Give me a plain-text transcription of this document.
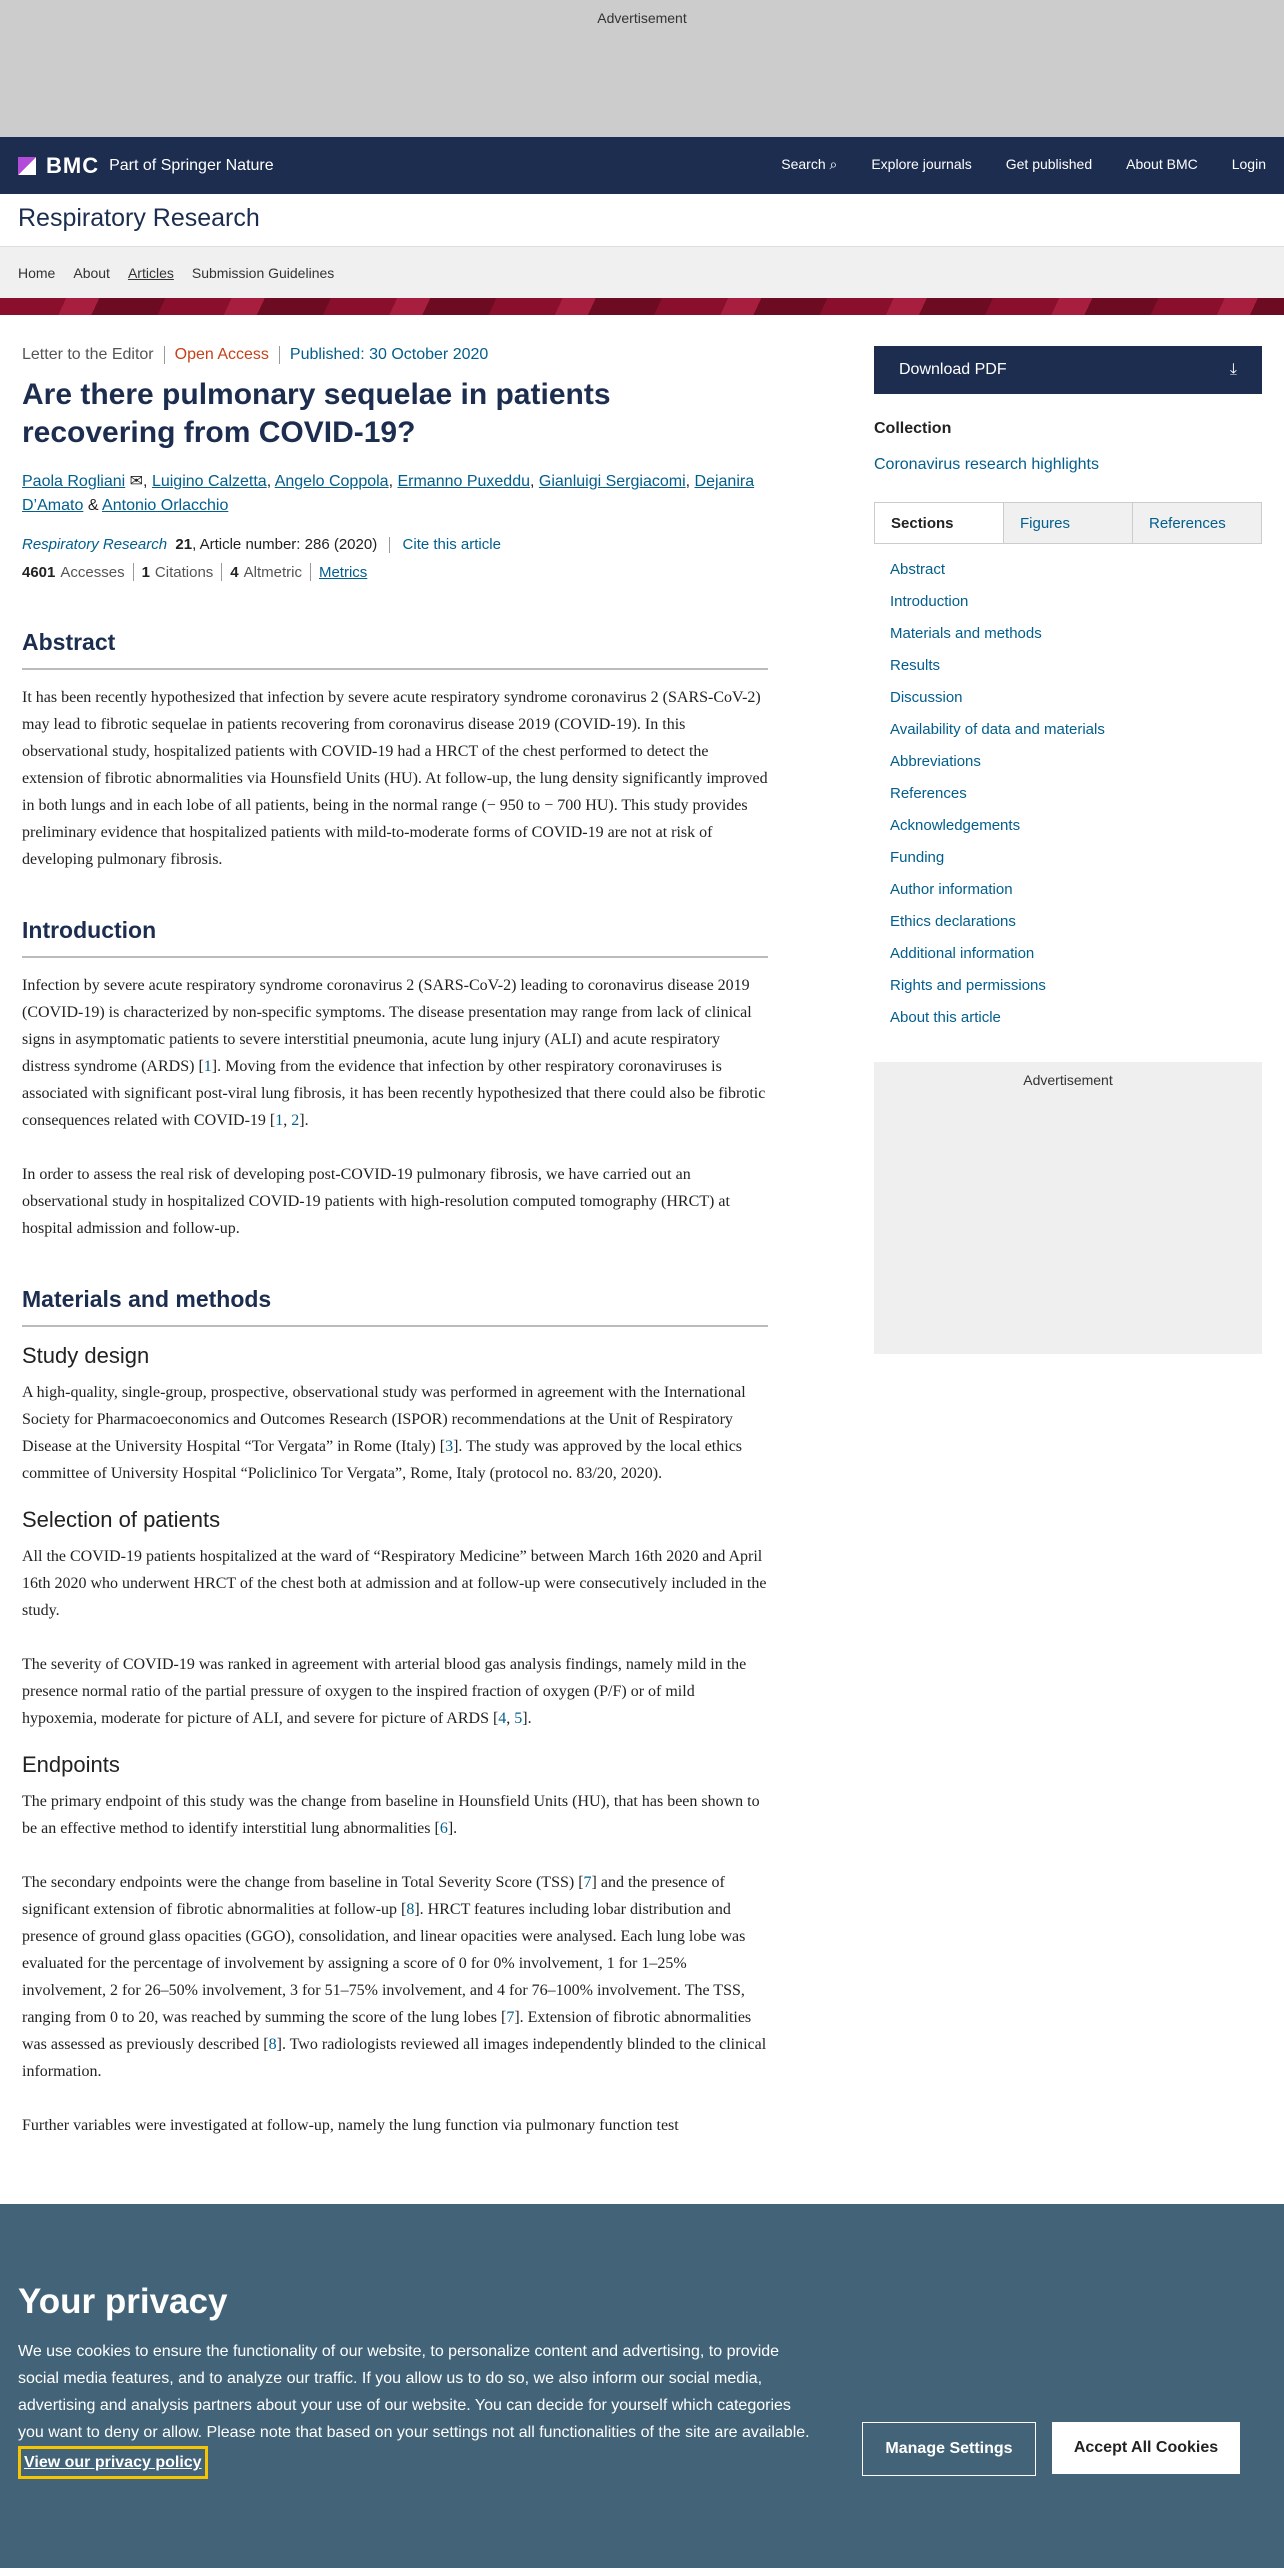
Advertisement
BMC Part of Springer Nature	Search ⌕ Explore journals Get published About BMC Login
Respiratory Research
Home About Articles Submission Guidelines
Letter to the Editor Open Access Published: 30 October 2020
Are there pulmonary sequelae in patients recovering from COVID-19?
Paola Rogliani ✉, Luigino Calzetta, Angelo Coppola, Ermanno Puxeddu, Gianluigi Sergiacomi, Dejanira
D’Amato & Antonio Orlacchio
Respiratory Research 21, Article number: 286 (2020) Cite this article
4601 Accesses 1 Citations 4 Altmetric Metrics
Abstract

It has been recently hypothesized that infection by severe acute respiratory syndrome coronavirus 2 (SARS-CoV-2) may lead to fibrotic sequelae in patients recovering from coronavirus disease 2019 (COVID-19). In this observational study, hospitalized patients with COVID-19 had a HRCT of the chest performed to detect the extension of fibrotic abnormalities via Hounsfield Units (HU). At follow-up, the lung density significantly improved in both lungs and in each lobe of all patients, being in the normal range (− 950 to − 700 HU). This study provides preliminary evidence that hospitalized patients with mild-to-moderate forms of COVID-19 are not at risk of developing pulmonary fibrosis.

Introduction

Infection by severe acute respiratory syndrome coronavirus 2 (SARS-CoV-2) leading to coronavirus disease 2019 (COVID-19) is characterized by non-specific symptoms. The disease presentation may range from lack of clinical signs in asymptomatic patients to severe interstitial pneumonia, acute lung injury (ALI) and acute respiratory distress syndrome (ARDS) [1]. Moving from the evidence that infection by other respiratory coronaviruses is associated with significant post-viral lung fibrosis, it has been recently hypothesized that there could also be fibrotic consequences related with COVID-19 [1, 2].

In order to assess the real risk of developing post-COVID-19 pulmonary fibrosis, we have carried out an observational study in hospitalized COVID-19 patients with high-resolution computed tomography (HRCT) at hospital admission and follow-up.

Materials and methods
Study design

A high-quality, single-group, prospective, observational study was performed in agreement with the International Society for Pharmacoeconomics and Outcomes Research (ISPOR) recommendations at the Unit of Respiratory Disease at the University Hospital “Tor Vergata” in Rome (Italy) [3]. The study was approved by the local ethics committee of University Hospital “Policlinico Tor Vergata”, Rome, Italy (protocol no. 83/20, 2020).

Selection of patients

All the COVID-19 patients hospitalized at the ward of “Respiratory Medicine” between March 16th 2020 and April 16th 2020 who underwent HRCT of the chest both at admission and at follow-up were consecutively included in the study.

The severity of COVID-19 was ranked in agreement with arterial blood gas analysis findings, namely mild in the presence normal ratio of the partial pressure of oxygen to the inspired fraction of oxygen (P/F) or of mild hypoxemia, moderate for picture of ALI, and severe for picture of ARDS [4, 5].

Endpoints

The primary endpoint of this study was the change from baseline in Hounsfield Units (HU), that has been shown to be an effective method to identify interstitial lung abnormalities [6].

The secondary endpoints were the change from baseline in Total Severity Score (TSS) [7] and the presence of significant extension of fibrotic abnormalities at follow-up [8]. HRCT features including lobar distribution and presence of ground glass opacities (GGO), consolidation, and linear opacities were analysed. Each lung lobe was evaluated for the percentage of involvement by assigning a score of 0 for 0% involvement, 1 for 1–25% involvement, 2 for 26–50% involvement, 3 for 51–75% involvement, and 4 for 76–100% involvement. The TSS, ranging from 0 to 20, was reached by summing the score of the lung lobes [7]. Extension of fibrotic abnormalities was assessed as previously described [8]. Two radiologists reviewed all images independently blinded to the clinical information.

Further variables were investigated at follow-up, namely the lung function via pulmonary function test

Download PDF	⤓
Collection
Coronavirus research highlights
Sections	Figures	References
Abstract
Introduction
Materials and methods
Results
Discussion
Availability of data and materials
Abbreviations
References
Acknowledgements
Funding
Author information
Ethics declarations
Additional information
Rights and permissions
About this article
Advertisement
Your privacy
We use cookies to ensure the functionality of our website, to personalize content and advertising, to provide social media features, and to analyze our traffic. If you allow us to do so, we also inform our social media, advertising and analysis partners about your use of our website. You can decide for yourself which categories you want to deny or allow. Please note that based on your settings not all functionalities of the site are available. View our privacy policy
Manage Settings	Accept All Cookies
